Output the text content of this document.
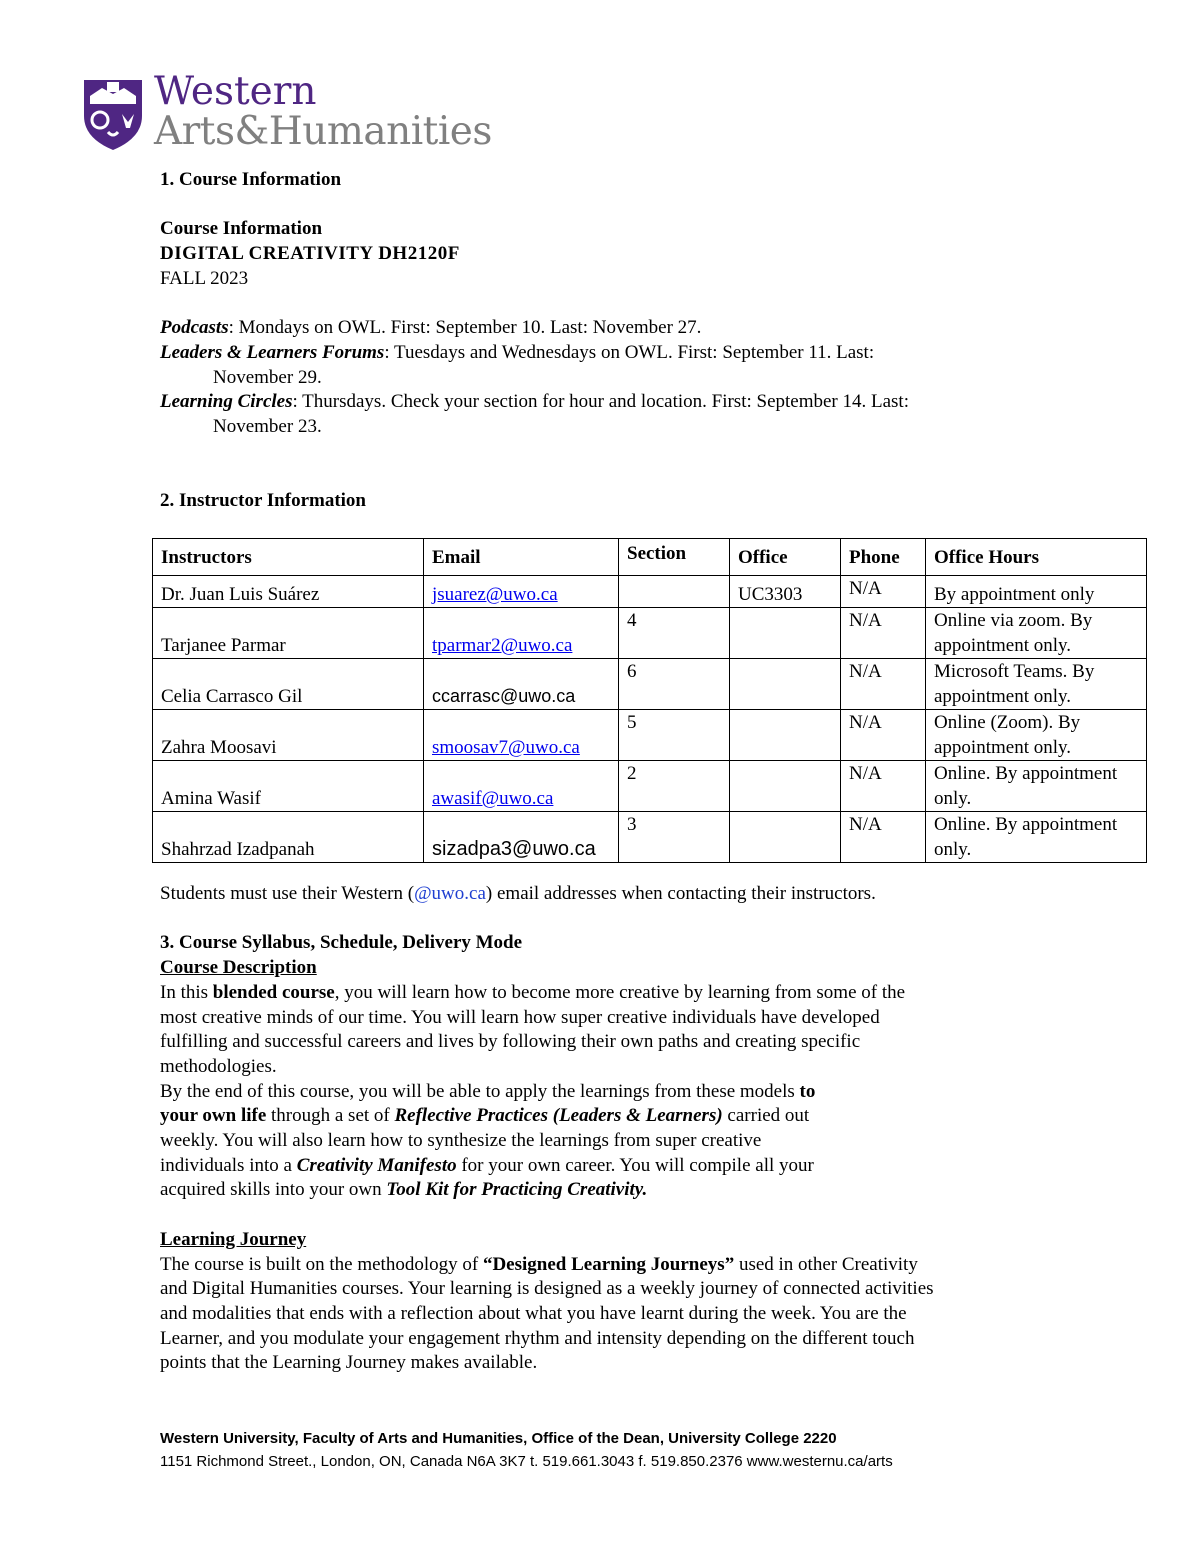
Western
Arts&Humanities
1. Course Information
Course Information
DIGITAL CREATIVITY DH2120F
FALL 2023
Podcasts: Mondays on OWL. First: September 10. Last: November 27.
Leaders & Learners Forums: Tuesdays and Wednesdays on OWL. First: September 11. Last:
November 29.
Learning Circles: Thursdays. Check your section for hour and location. First: September 14. Last:
November 23.
2. Instructor Information
Instructors	Email	Section	Office	Phone	Office Hours
Dr. Juan Luis Suárez	jsuarez@uwo.ca		UC3303	N/A	By appointment only
Tarjanee Parmar	tparmar2@uwo.ca	4		N/A	Online via zoom. By appointment only.
Celia Carrasco Gil	ccarrasc@uwo.ca	6		N/A	Microsoft Teams. By appointment only.
Zahra Moosavi	smoosav7@uwo.ca	5		N/A	Online (Zoom). By appointment only.
Amina Wasif	awasif@uwo.ca	2		N/A	Online. By appointment only.
Shahrzad Izadpanah	sizadpa3@uwo.ca	3		N/A	Online. By appointment only.
Students must use their Western (@uwo.ca) email addresses when contacting their instructors.
3. Course Syllabus, Schedule, Delivery Mode
Course Description
In this blended course, you will learn how to become more creative by learning from some of the
most creative minds of our time. You will learn how super creative individuals have developed
fulfilling and successful careers and lives by following their own paths and creating specific
methodologies.
By the end of this course, you will be able to apply the learnings from these models to
your own life through a set of Reflective Practices (Leaders & Learners) carried out
weekly. You will also learn how to synthesize the learnings from super creative
individuals into a Creativity Manifesto for your own career. You will compile all your
acquired skills into your own Tool Kit for Practicing Creativity.
Learning Journey
The course is built on the methodology of “Designed Learning Journeys” used in other Creativity
and Digital Humanities courses. Your learning is designed as a weekly journey of connected activities
and modalities that ends with a reflection about what you have learnt during the week. You are the
Learner, and you modulate your engagement rhythm and intensity depending on the different touch
points that the Learning Journey makes available.
Western University, Faculty of Arts and Humanities, Office of the Dean, University College 2220
1151 Richmond Street., London, ON, Canada N6A 3K7 t. 519.661.3043 f. 519.850.2376 www.westernu.ca/arts
